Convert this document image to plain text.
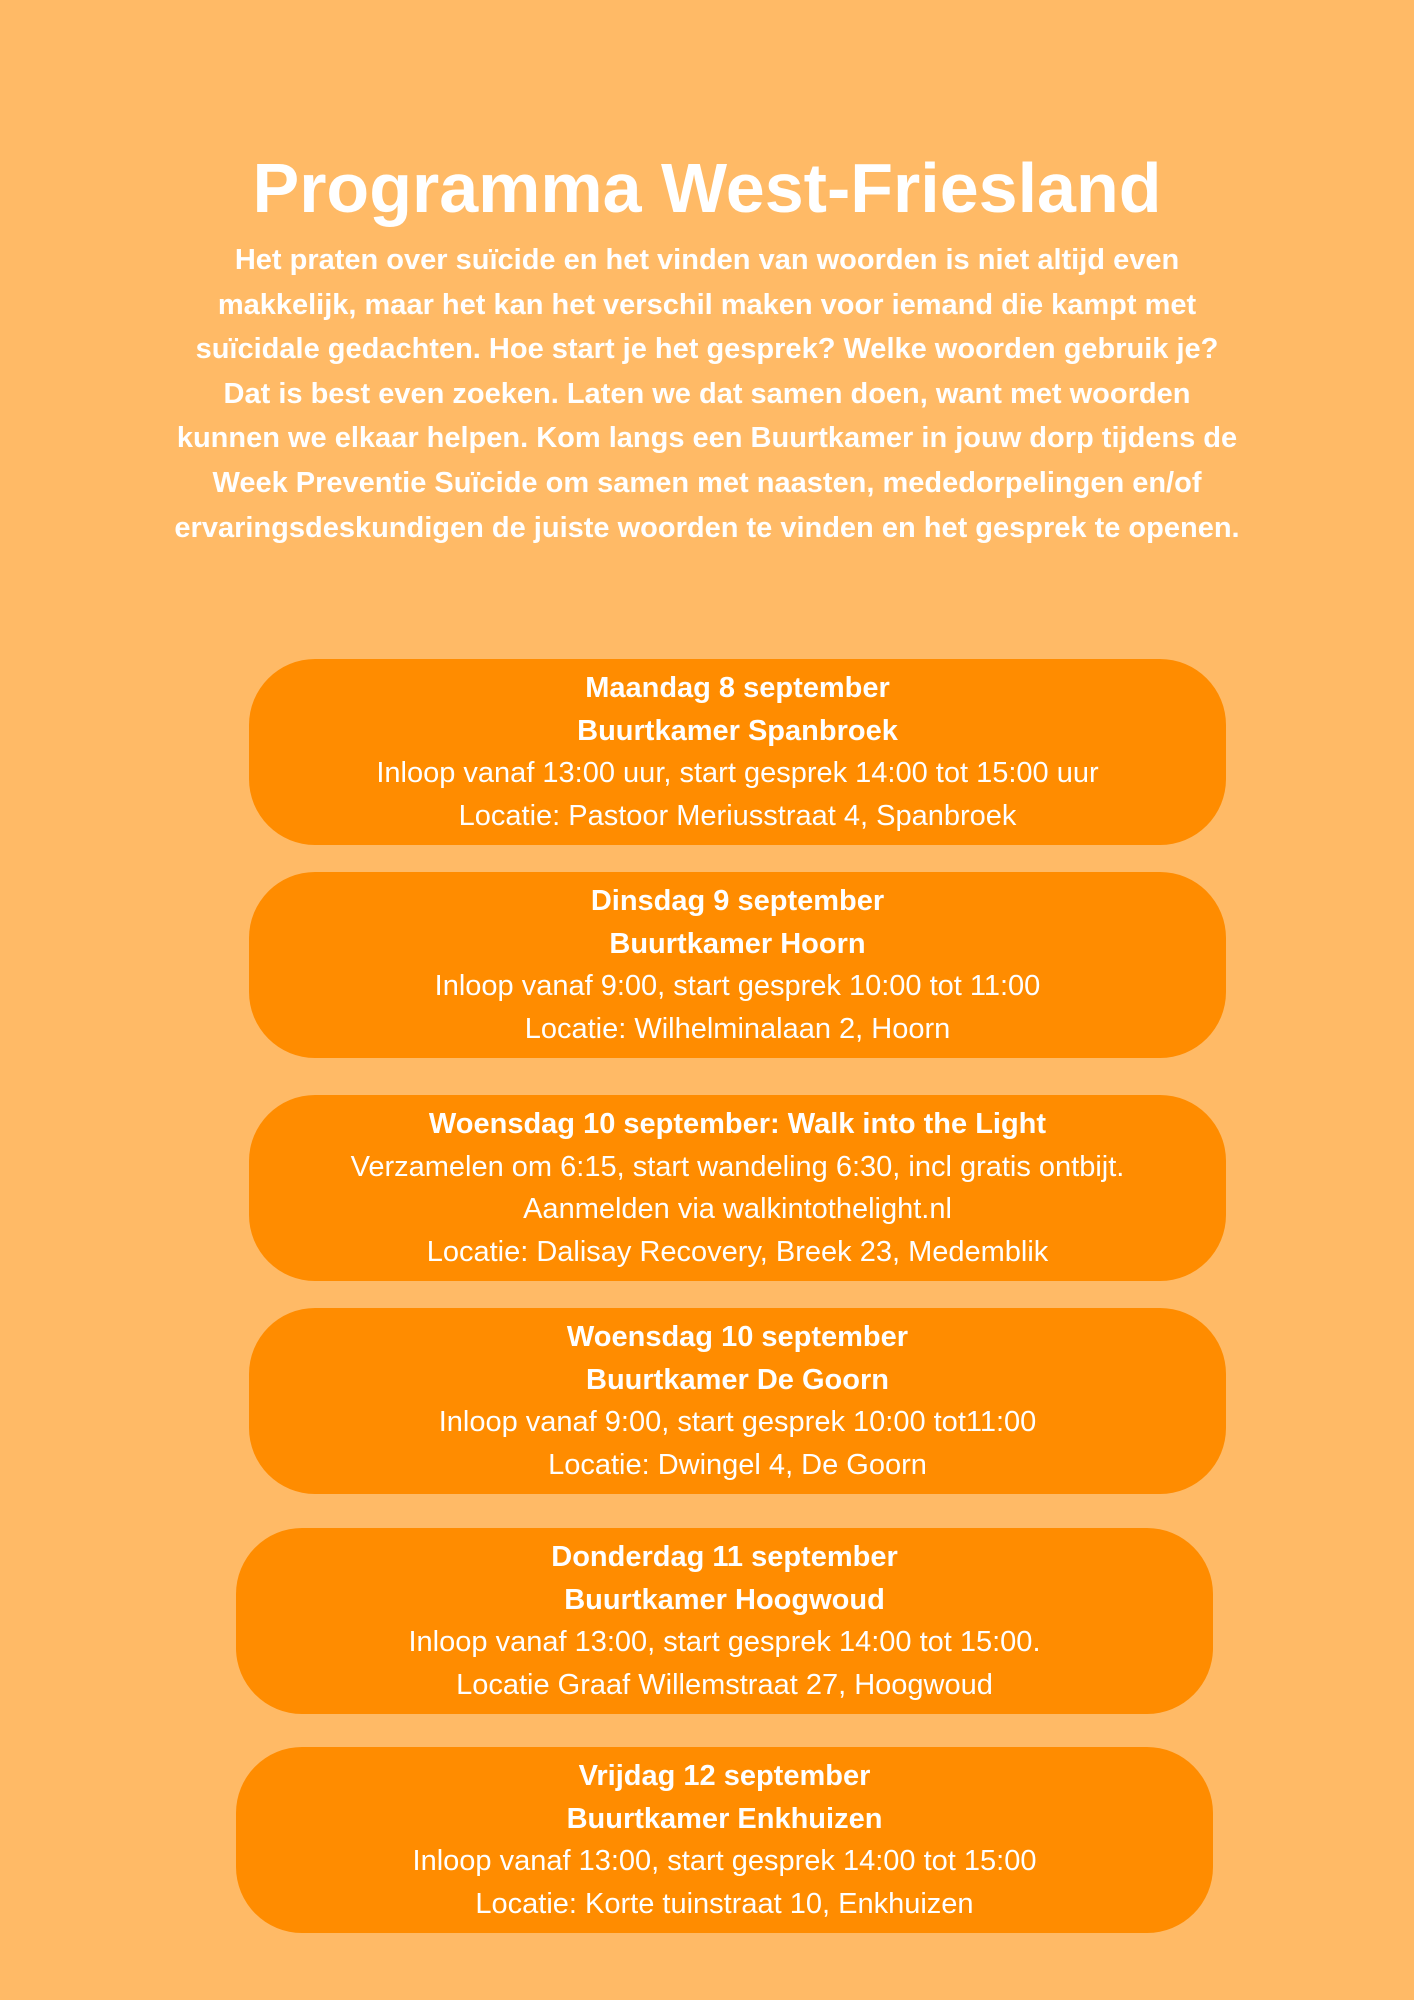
Programma West-Friesland

Het praten over suïcide en het vinden van woorden is niet altijd even makkelijk, maar het kan het verschil maken voor iemand die kampt met suïcidale gedachten. Hoe start je het gesprek? Welke woorden gebruik je? Dat is best even zoeken. Laten we dat samen doen, want met woorden kunnen we elkaar helpen. Kom langs een Buurtkamer in jouw dorp tijdens de Week Preventie Suïcide om samen met naasten, mededorpelingen en/of ervaringsdeskundigen de juiste woorden te vinden en het gesprek te openen.

Maandag 8 september
Buurtkamer Spanbroek
Inloop vanaf 13:00 uur, start gesprek 14:00 tot 15:00 uur
Locatie: Pastoor Meriusstraat 4, Spanbroek
Dinsdag 9 september
Buurtkamer Hoorn
Inloop vanaf 9:00, start gesprek 10:00 tot 11:00
Locatie: Wilhelminalaan 2, Hoorn
Woensdag 10 september: Walk into the Light
Verzamelen om 6:15, start wandeling 6:30, incl gratis ontbijt.
Aanmelden via walkintothelight.nl
Locatie: Dalisay Recovery, Breek 23, Medemblik
Woensdag 10 september
Buurtkamer De Goorn
Inloop vanaf 9:00, start gesprek 10:00 tot11:00
Locatie: Dwingel 4, De Goorn
Donderdag 11 september
Buurtkamer Hoogwoud
Inloop vanaf 13:00, start gesprek 14:00 tot 15:00.
Locatie Graaf Willemstraat 27, Hoogwoud
Vrijdag 12 september
Buurtkamer Enkhuizen
Inloop vanaf 13:00, start gesprek 14:00 tot 15:00
Locatie: Korte tuinstraat 10, Enkhuizen
